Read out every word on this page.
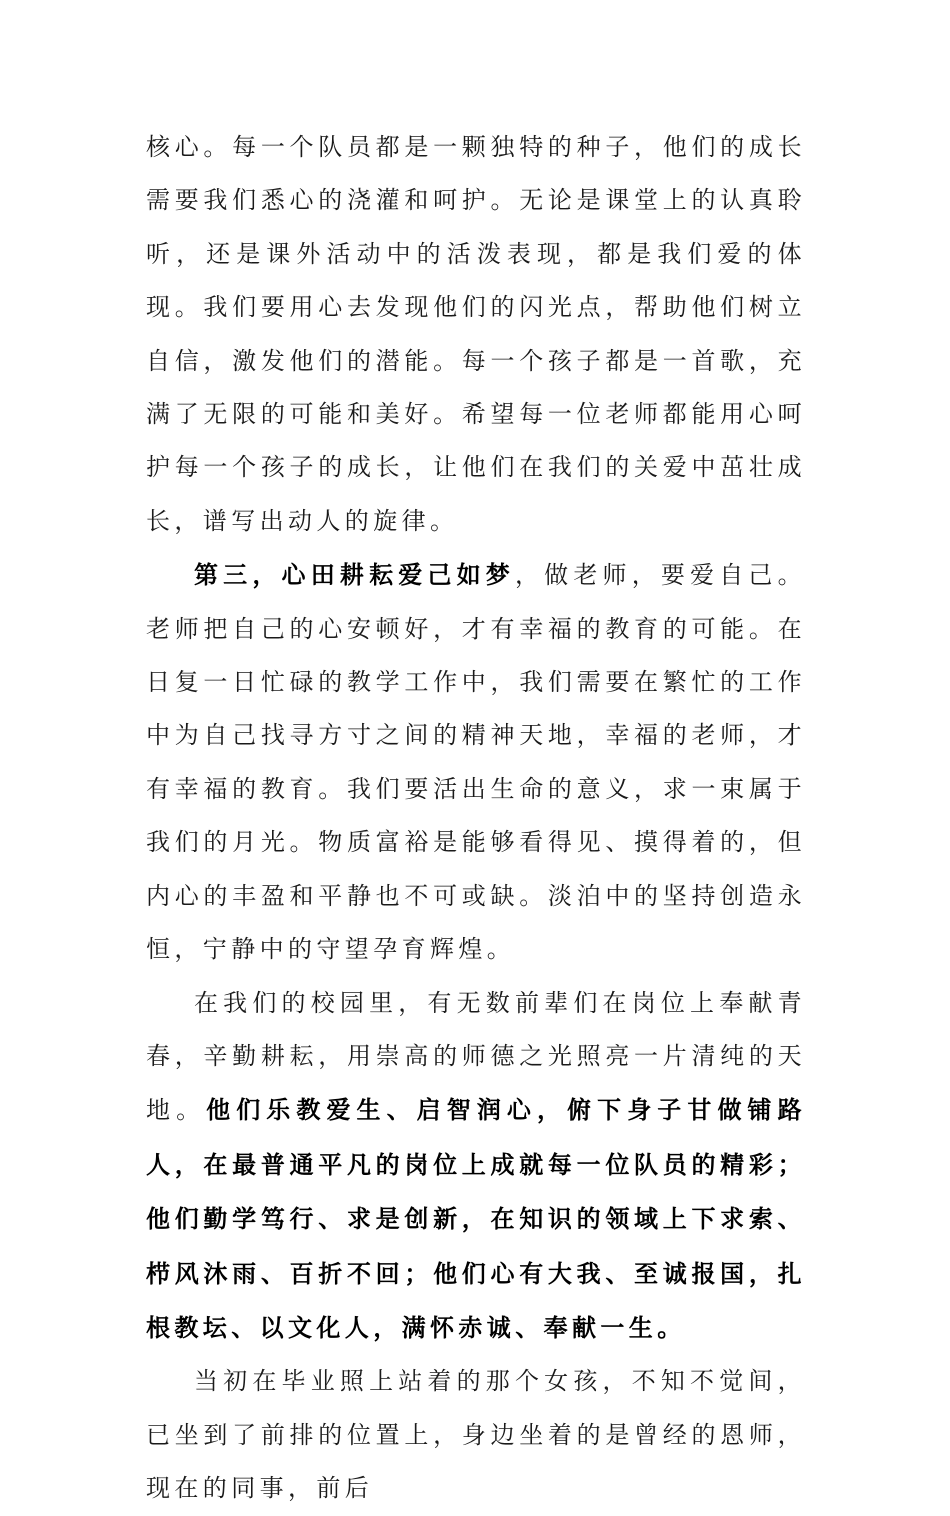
核心。每一个队员都是一颗独特的种子，他们的成长需要我们悉心的浇灌和呵护。无论是课堂上的认真聆听，还是课外活动中的活泼表现，都是我们爱的体现。我们要用心去发现他们的闪光点，帮助他们树立自信，激发他们的潜能。每一个孩子都是一首歌，充满了无限的可能和美好。希望每一位老师都能用心呵护每一个孩子的成长，让他们在我们的关爱中茁壮成长，谱写出动人的旋律。

第三，心田耕耘爱己如梦，做老师，要爱自己。老师把自己的心安顿好，才有幸福的教育的可能。在日复一日忙碌的教学工作中，我们需要在繁忙的工作中为自己找寻方寸之间的精神天地，幸福的老师，才有幸福的教育。我们要活出生命的意义，求一束属于我们的月光。物质富裕是能够看得见、摸得着的，但内心的丰盈和平静也不可或缺。淡泊中的坚持创造永恒，宁静中的守望孕育辉煌。

在我们的校园里，有无数前辈们在岗位上奉献青春，辛勤耕耘，用崇高的师德之光照亮一片清纯的天地。他们乐教爱生、启智润心，俯下身子甘做铺路人，在最普通平凡的岗位上成就每一位队员的精彩；他们勤学笃行、求是创新，在知识的领域上下求索、栉风沐雨、百折不回；他们心有大我、至诚报国，扎根教坛、以文化人，满怀赤诚、奉献一生。

当初在毕业照上站着的那个女孩，不知不觉间，已坐到了前排的位置上，身边坐着的是曾经的恩师，现在的同事，前后
